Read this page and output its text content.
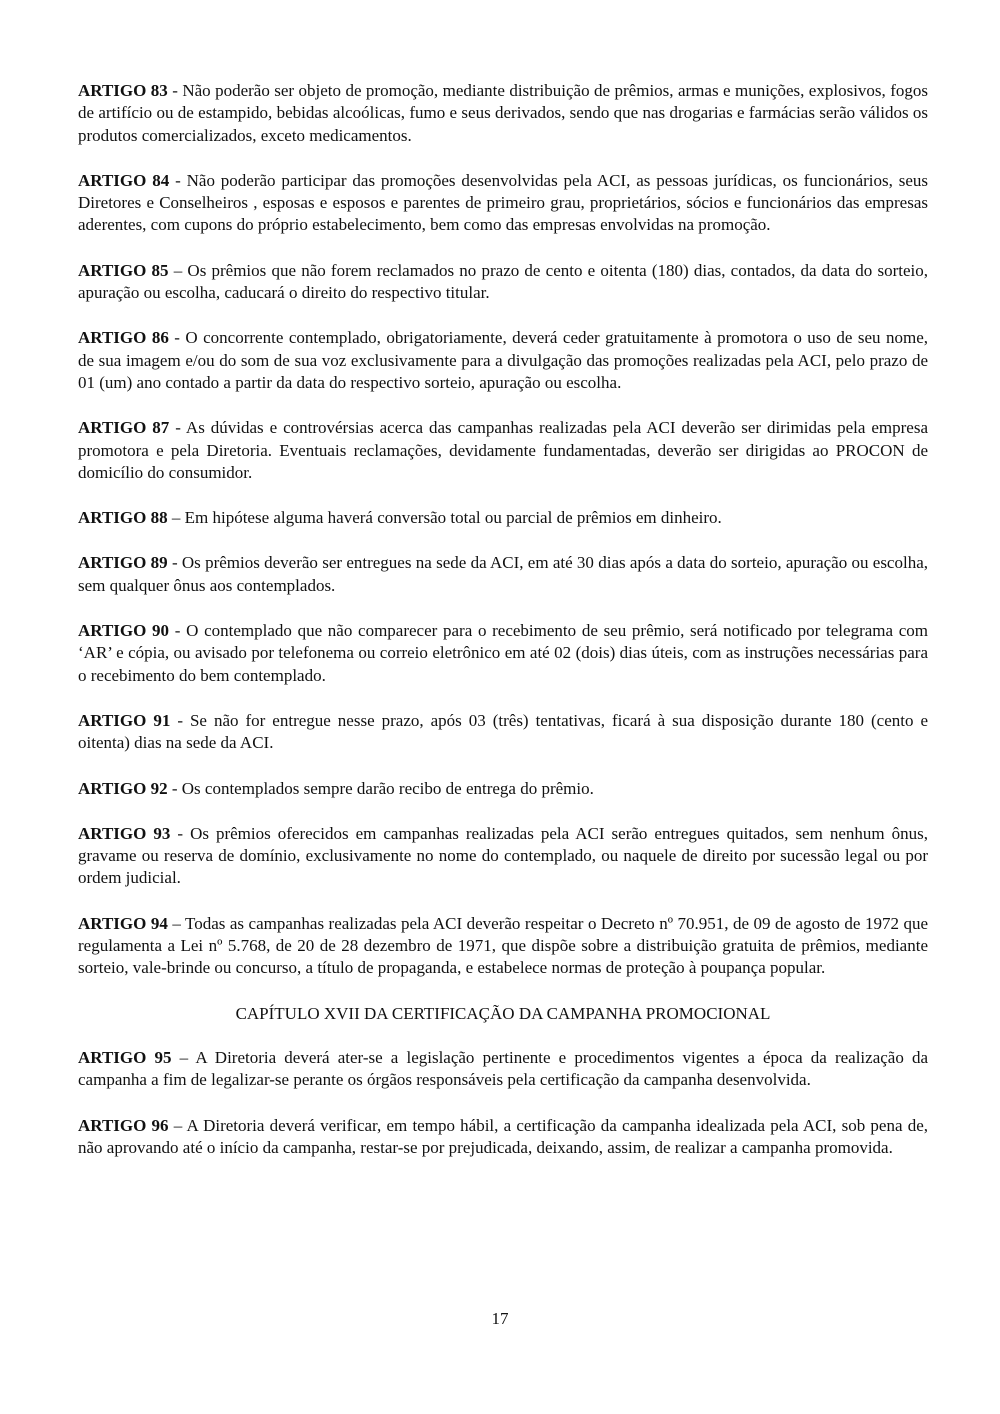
ARTIGO 83 - Não poderão ser objeto de promoção, mediante distribuição de prêmios, armas e munições, explosivos, fogos de artifício ou de estampido, bebidas alcoólicas, fumo e seus derivados, sendo que nas drogarias e farmácias serão válidos os produtos comercializados, exceto medicamentos.

ARTIGO 84 - Não poderão participar das promoções desenvolvidas pela ACI, as pessoas jurídicas, os funcionários, seus Diretores e Conselheiros , esposas e esposos e parentes de primeiro grau, proprietários, sócios e funcionários das empresas aderentes, com cupons do próprio estabelecimento, bem como das empresas envolvidas na promoção.

ARTIGO 85 – Os prêmios que não forem reclamados no prazo de cento e oitenta (180) dias, contados, da data do sorteio, apuração ou escolha, caducará o direito do respectivo titular.

ARTIGO 86 - O concorrente contemplado, obrigatoriamente, deverá ceder gratuitamente à promotora o uso de seu nome, de sua imagem e/ou do som de sua voz exclusivamente para a divulgação das promoções realizadas pela ACI, pelo prazo de 01 (um) ano contado a partir da data do respectivo sorteio, apuração ou escolha.

ARTIGO 87 - As dúvidas e controvérsias acerca das campanhas realizadas pela ACI deverão ser dirimidas pela empresa promotora e pela Diretoria. Eventuais reclamações, devidamente fundamentadas, deverão ser dirigidas ao PROCON de domicílio do consumidor.

ARTIGO 88 – Em hipótese alguma haverá conversão total ou parcial de prêmios em dinheiro.

ARTIGO 89 - Os prêmios deverão ser entregues na sede da ACI, em até 30 dias após a data do sorteio, apuração ou escolha, sem qualquer ônus aos contemplados.

ARTIGO 90 - O contemplado que não comparecer para o recebimento de seu prêmio, será notificado por telegrama com ‘AR’ e cópia, ou avisado por telefonema ou correio eletrônico em até 02 (dois) dias úteis, com as instruções necessárias para o recebimento do bem contemplado.

ARTIGO 91 - Se não for entregue nesse prazo, após 03 (três) tentativas, ficará à sua disposição durante 180 (cento e oitenta) dias na sede da ACI.

ARTIGO 92 - Os contemplados sempre darão recibo de entrega do prêmio.

ARTIGO 93 - Os prêmios oferecidos em campanhas realizadas pela ACI serão entregues quitados, sem nenhum ônus, gravame ou reserva de domínio, exclusivamente no nome do contemplado, ou naquele de direito por sucessão legal ou por ordem judicial.

ARTIGO 94 – Todas as campanhas realizadas pela ACI deverão respeitar o Decreto nº 70.951, de 09 de agosto de 1972 que regulamenta a Lei nº 5.768, de 20 de 28 dezembro de 1971, que dispõe sobre a distribuição gratuita de prêmios, mediante sorteio, vale-brinde ou concurso, a título de propaganda, e estabelece normas de proteção à poupança popular.

CAPÍTULO XVII DA CERTIFICAÇÃO DA CAMPANHA PROMOCIONAL

ARTIGO 95 – A Diretoria deverá ater-se a legislação pertinente e procedimentos vigentes a época da realização da campanha a fim de legalizar-se perante os órgãos responsáveis pela certificação da campanha desenvolvida.

ARTIGO 96 – A Diretoria deverá verificar, em tempo hábil, a certificação da campanha idealizada pela ACI, sob pena de, não aprovando até o início da campanha, restar-se por prejudicada, deixando, assim, de realizar a campanha promovida.

17
